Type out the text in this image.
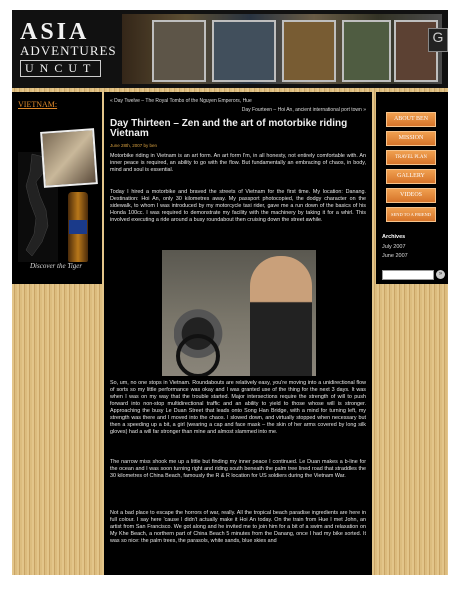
ASIA
ADVENTURES
UNCUT
G
VIETNAM:
Discover the Tiger
« Day Twelve – The Royal Tombs of the Nguyen Emperors, Hue
Day Fourteen – Hoi An, ancient international port town »
Day Thirteen – Zen and the art of motorbike riding Vietnam
June 28th, 2007 by ben

Motorbike riding in Vietnam is an art form. An art form I'm, in all honesty, not entirely comfortable with. An inner peace is required, an ability to go with the flow. But fundamentally an embracing of chaos, in body, mind and soul is essential.

Today I hired a motorbike and braved the streets of Vietnam for the first time. My location: Danang. Destination: Hoi An, only 30 kilometres away. My passport photocopied, the dodgy character on the sidewalk, to whom I was introduced by my motorcycle taxi rider, gave me a run down of the basics of his Honda 100cc. I was required to demonstrate my facility with the machinery by taking it for a whirl. This involved executing a ride around a busy roundabout then cruising down the street awhile.

So, um, no one stops in Vietnam. Roundabouts are relatively easy, you're moving into a unidirectional flow of sorts so my little performance was okay and I was granted use of the thing for the next 3 days. It was when I was on my way that the trouble started. Major intersections require the strength of will to push forward into non-stop multidirectional traffic and an ability to yield to those whose will is stronger. Approaching the busy Le Duan Street that leads onto Song Han Bridge, with a mind for turning left, my strength was there and I moved into the chaos. I slowed down, and virtually stopped when necessary but then a speeding up a bit, a girl (wearing a cap and face mask – the skin of her arms covered by long silk gloves) had a will far stronger than mine and almost slammed into me.

The narrow miss shook me up a little but finding my inner peace I continued. Le Duan makes a b-line for the ocean and I was soon turning right and riding south beneath the palm tree lined road that straddles the 30 kilometres of China Beach, famously the R & R location for US soldiers during the Vietnam War.

Not a bad place to escape the horrors of war, really. All the tropical beach paradise ingredients are here in full colour. I say here 'cause I didn't actually make it Hoi An today. On the train from Hue I met John, an artist from San Francisco. We got along and he invited me to join him for a bit of a swim and relaxation on My Khe Beach, a northern part of China Beach 5 minutes from the Danang, once I had my bike sorted. It was so nice: the palm trees, the parasols, white sands, blue skies and

ABOUT BEN
MISSION
TRAVEL PLAN
GALLERY
VIDEOS
SEND TO A FRIEND
Archives
July 2007
June 2007
»
